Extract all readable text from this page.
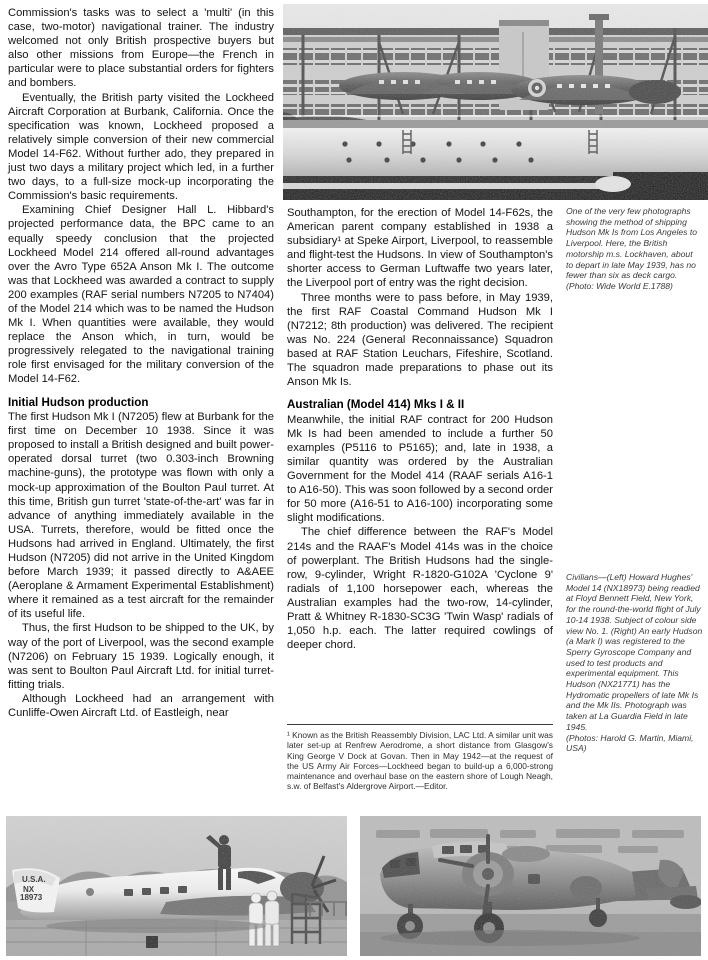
Commission's tasks was to select a 'multi' (in this case, two-motor) navigational trainer. The industry welcomed not only British prospective buyers but also other missions from Europe—the French in particular were to place substantial orders for fighters and bombers.

Eventually, the British party visited the Lockheed Aircraft Corporation at Burbank, California. Once the specification was known, Lockheed proposed a relatively simple conversion of their new commercial Model 14-F62. Without further ado, they prepared in just two days a military project which led, in a further two days, to a full-size mock-up incorporating the Commission's basic requirements.

Examining Chief Designer Hall L. Hibbard's projected performance data, the BPC came to an equally speedy conclusion that the projected Lockheed Model 214 offered all-round advantages over the Avro Type 652A Anson Mk I. The outcome was that Lockheed was awarded a contract to supply 200 examples (RAF serial numbers N7205 to N7404) of the Model 214 which was to be named the Hudson Mk I. When quantities were available, they would replace the Anson which, in turn, would be progressively relegated to the navigational training role first envisaged for the military conversion of the Model 14-F62.

Initial Hudson production

The first Hudson Mk I (N7205) flew at Burbank for the first time on December 10 1938. Since it was proposed to install a British designed and built power-operated dorsal turret (two 0.303-inch Browning machine-guns), the prototype was flown with only a mock-up approximation of the Boulton Paul turret. At this time, British gun turret 'state-of-the-art' was far in advance of anything immediately available in the USA. Turrets, therefore, would be fitted once the Hudsons had arrived in England. Ultimately, the first Hudson (N7205) did not arrive in the United Kingdom before March 1939; it passed directly to A&AEE (Aeroplane & Armament Experimental Establishment) where it remained as a test aircraft for the remainder of its useful life.

Thus, the first Hudson to be shipped to the UK, by way of the port of Liverpool, was the second example (N7206) on February 15 1939. Logically enough, it was sent to Boulton Paul Aircraft Ltd. for initial turret-fitting trials.

Although Lockheed had an arrangement with Cunliffe-Owen Aircraft Ltd. of Eastleigh, near

Southampton, for the erection of Model 14-F62s, the American parent company established in 1938 a subsidiary¹ at Speke Airport, Liverpool, to reassemble and flight-test the Hudsons. In view of Southampton's shorter access to German Luftwaffe two years later, the Liverpool port of entry was the right decision.

Three months were to pass before, in May 1939, the first RAF Coastal Command Hudson Mk I (N7212; 8th production) was delivered. The recipient was No. 224 (General Reconnaissance) Squadron based at RAF Station Leuchars, Fifeshire, Scotland. The squadron made preparations to phase out its Anson Mk Is.

Australian (Model 414) Mks I & II

Meanwhile, the initial RAF contract for 200 Hudson Mk Is had been amended to include a further 50 examples (P5116 to P5165); and, late in 1938, a similar quantity was ordered by the Australian Government for the Model 414 (RAAF serials A16-1 to A16-50). This was soon followed by a second order for 50 more (A16-51 to A16-100) incorporating some slight modifications.

The chief difference between the RAF's Model 214s and the RAAF's Model 414s was in the choice of powerplant. The British Hudsons had the single-row, 9-cylinder, Wright R-1820-G102A 'Cyclone 9' radials of 1,100 horsepower each, whereas the Australian examples had the two-row, 14-cylinder, Pratt & Whitney R-1830-SC3G 'Twin Wasp' radials of 1,050 h.p. each. The latter required cowlings of deeper chord.

¹ Known as the British Reassembly Division, LAC Ltd. A similar unit was later set-up at Renfrew Aerodrome, a short distance from Glasgow's King George V Dock at Govan. Then in May 1942—at the request of the US Army Air Forces—Lockheed began to build-up a 6,000-strong maintenance and overhaul base on the eastern shore of Lough Neagh, s.w. of Belfast's Aldergrove Airport.—Editor.

One of the very few photographs showing the method of shipping Hudson Mk Is from Los Angeles to Liverpool. Here, the British motorship m.s. Lockhaven, about to depart in late May 1939, has no fewer than six as deck cargo.

(Photo: Wide World E.1788)

Civilians—(Left) Howard Hughes' Model 14 (NX18973) being readied at Floyd Bennett Field, New York, for the round-the-world flight of July 10-14 1938. Subject of colour side view No. 1. (Right) An early Hudson (a Mark I) was registered to the Sperry Gyroscope Company and used to test products and experimental equipment. This Hudson (NX21771) has the Hydromatic propellers of late Mk Is and the Mk IIs. Photograph was taken at La Guardia Field in late 1945.

(Photos: Harold G. Martin, Miami, USA)

U.S.A.
NX
18973
